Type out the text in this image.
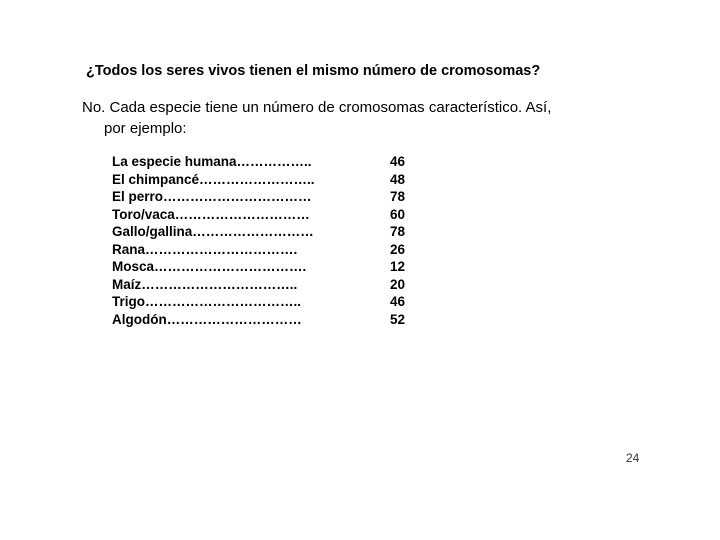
¿Todos los seres vivos tienen el mismo número de cromosomas?
No. Cada especie tiene un número de cromosomas característico. Así,
por ejemplo:
La especie humana……………..	46
El chimpancé……………………..	48
El perro……………………………	78
Toro/vaca…………………………	60
Gallo/gallina………………………	78
Rana…………………………….	26
Mosca…………………………….	12
Maíz……………………………..	20
Trigo……………………………..	46
Algodón…………………………	52
24
